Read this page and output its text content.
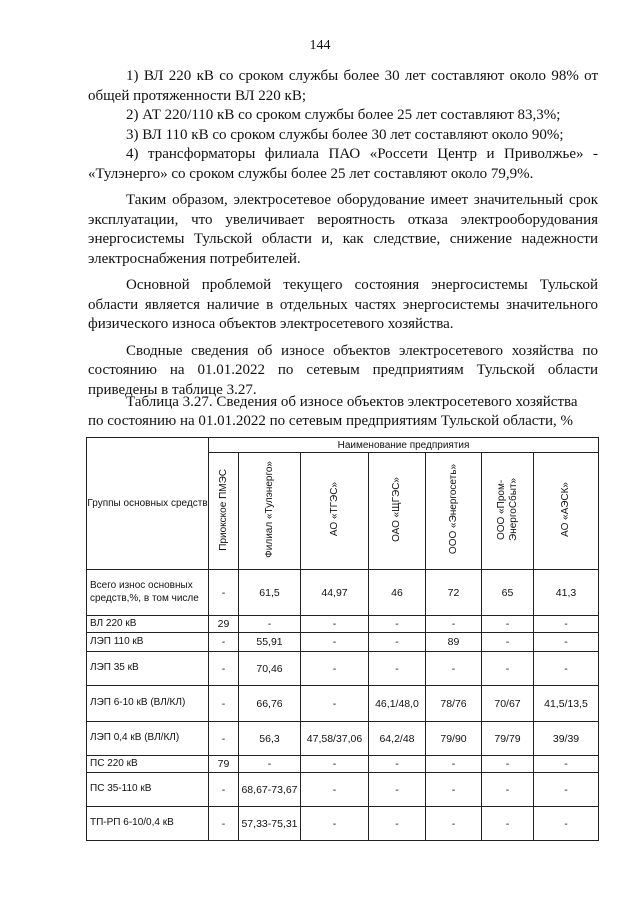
144

1) ВЛ 220 кВ со сроком службы более 30 лет составляют около 98% от общей протяженности ВЛ 220 кВ;

2) АТ 220/110 кВ со сроком службы более 25 лет составляют 83,3%;

3) ВЛ 110 кВ со сроком службы более 30 лет составляют около 90%;

4) трансформаторы филиала ПАО «Россети Центр и Приволжье» - «Тулэнерго» со сроком службы более 25 лет составляют около 79,9%.

Таким образом, электросетевое оборудование имеет значительный срок эксплуатации, что увеличивает вероятность отказа электрооборудования энергосистемы Тульской области и, как следствие, снижение надежности электроснабжения потребителей.

Основной проблемой текущего состояния энергосистемы Тульской области является наличие в отдельных частях энергосистемы значительного физического износа объектов электросетевого хозяйства.

Сводные сведения об износе объектов электросетевого хозяйства по состоянию на 01.01.2022 по сетевым предприятиям Тульской области приведены в таблице 3.27.

Таблица 3.27. Сведения об износе объектов электросетевого хозяйства
по состоянию на 01.01.2022 по сетевым предприятиям Тульской области, %
Группы основных средств	Наименование предприятия						
	Приокское ПМЭС	Филиал «Тулэнерго»	АО «ТГЭС»	ОАО «ЩГЭС»	ООО «Энергосеть»	ООО «Пром-ЭнергоСбыт»	АО «АЭСК»
Всего износ основных средств,%, в том числе	-	61,5	44,97	46	72	65	41,3
ВЛ 220 кВ	29	-	-	-	-	-	-
ЛЭП 110 кВ	-	55,91	-	-	89	-	-
ЛЭП 35 кВ	-	70,46	-	-	-	-	-
ЛЭП 6-10 кВ (ВЛ/КЛ)	-	66,76	-	46,1/48,0	78/76	70/67	41,5/13,5
ЛЭП 0,4 кВ (ВЛ/КЛ)	-	56,3	47,58/37,06	64,2/48	79/90	79/79	39/39
ПС 220 кВ	79	-	-	-	-	-	-
ПС 35-110 кВ	-	68,67-73,67	-	-	-	-	-
ТП-РП 6-10/0,4 кВ	-	57,33-75,31	-	-	-	-	-
